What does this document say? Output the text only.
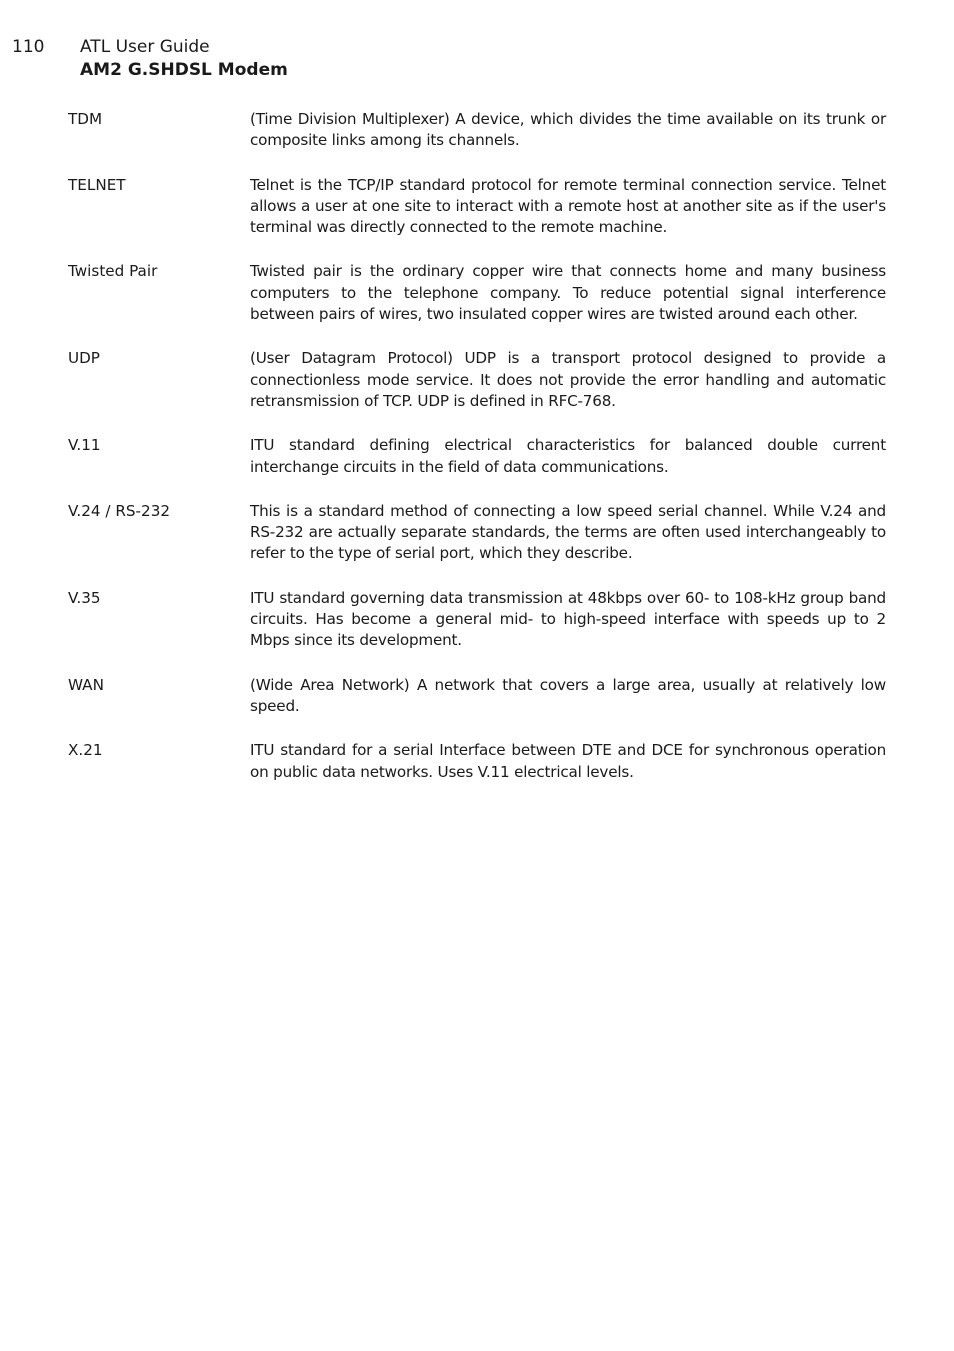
110 ATL User Guide
AM2 G.SHDSL Modem
TDM	(Time Division Multiplexer) A device, which divides the time available on its trunk or composite links among its channels.
TELNET	Telnet is the TCP/IP standard protocol for remote terminal connection service. Telnet allows a user at one site to interact with a remote host at another site as if the user's terminal was directly connected to the remote machine.
Twisted Pair	Twisted pair is the ordinary copper wire that connects home and many business computers to the telephone company. To reduce potential signal interference between pairs of wires, two insulated copper wires are twisted around each other.
UDP	(User Datagram Protocol) UDP is a transport protocol designed to provide a connectionless mode service. It does not provide the error handling and automatic retransmission of TCP. UDP is defined in RFC-768.
V.11	ITU standard defining electrical characteristics for balanced double current interchange circuits in the field of data communications.
V.24 / RS-232	This is a standard method of connecting a low speed serial channel. While V.24 and RS-232 are actually separate standards, the terms are often used interchangeably to refer to the type of serial port, which they describe.
V.35	ITU standard governing data transmission at 48kbps over 60- to 108-kHz group band circuits. Has become a general mid- to high-speed interface with speeds up to 2 Mbps since its development.
WAN	(Wide Area Network) A network that covers a large area, usually at relatively low speed.
X.21	ITU standard for a serial Interface between DTE and DCE for synchronous operation on public data networks. Uses V.11 electrical levels.
